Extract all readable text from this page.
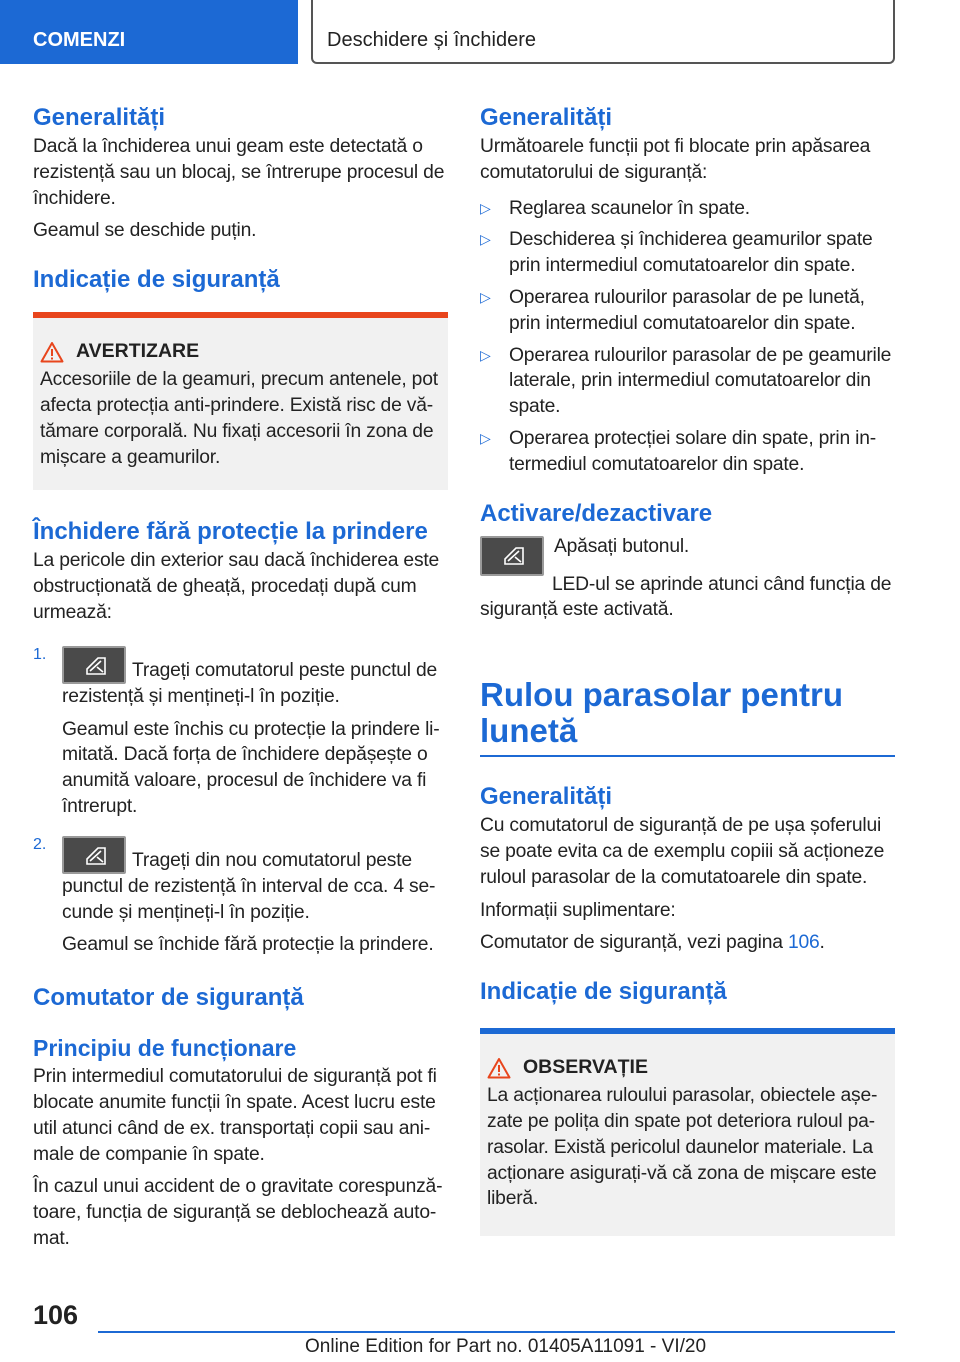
COMENZI	Deschidere și închidere
Generalități

Dacă la închiderea unui geam este detectată o rezistență sau un blocaj, se întrerupe procesul de închidere.

Geamul se deschide puțin.

Indicație de siguranță
AVERTIZARE

Accesoriile de la geamuri, precum antenele, pot afecta protecția anti-prindere. Există risc de vă-tămare corporală. Nu fixați accesorii în zona de mișcare a geamurilor.

Închidere fără protecție la prindere

La pericole din exterior sau dacă închiderea este obstrucționată de gheață, procedați după cum urmează:

1.

Trageți comutatorul peste punctul de rezistență și mențineți-l în poziție.

Geamul este închis cu protecție la prindere li-mitată. Dacă forța de închidere depășește o anumită valoare, procesul de închidere va fi întrerupt.

2.

Trageți din nou comutatorul peste punctul de rezistență în interval de cca. 4 se-cunde și mențineți-l în poziție.

Geamul se închide fără protecție la prindere.

Comutator de siguranță
Principiu de funcționare

Prin intermediul comutatorului de siguranță pot fi blocate anumite funcții în spate. Acest lucru este util atunci când de ex. transportați copii sau ani-male de companie în spate.

În cazul unui accident de o gravitate corespunză-toare, funcția de siguranță se deblochează auto-mat.

Generalități

Următoarele funcții pot fi blocate prin apăsarea comutatorului de siguranță:

▷ Reglarea scaunelor în spate.
▷ Deschiderea și închiderea geamurilor spate prin intermediul comutatoarelor din spate.
▷ Operarea rulourilor parasolar de pe lunetă, prin intermediul comutatoarelor din spate.
▷ Operarea rulourilor parasolar de pe geamurile laterale, prin intermediul comutatoarelor din spate.
▷ Operarea protecției solare din spate, prin in-termediul comutatoarelor din spate.
Activare/dezactivare

Apăsați butonul.

LED-ul se aprinde atunci când funcția de siguranță este activată.

Rulou parasolar pentru lunetă
Generalități

Cu comutatorul de siguranță de pe ușa șoferului se poate evita ca de exemplu copiii să acționeze ruloul parasolar de la comutatoarele din spate.

Informații suplimentare:

Comutator de siguranță, vezi pagina 106.

Indicație de siguranță
OBSERVAȚIE

La acționarea ruloului parasolar, obiectele așe-zate pe polița din spate pot deteriora ruloul pa-rasolar. Există pericolul daunelor materiale. La acționare asigurați-vă că zona de mișcare este liberă.

106
Online Edition for Part no. 01405A11091 - VI/20
